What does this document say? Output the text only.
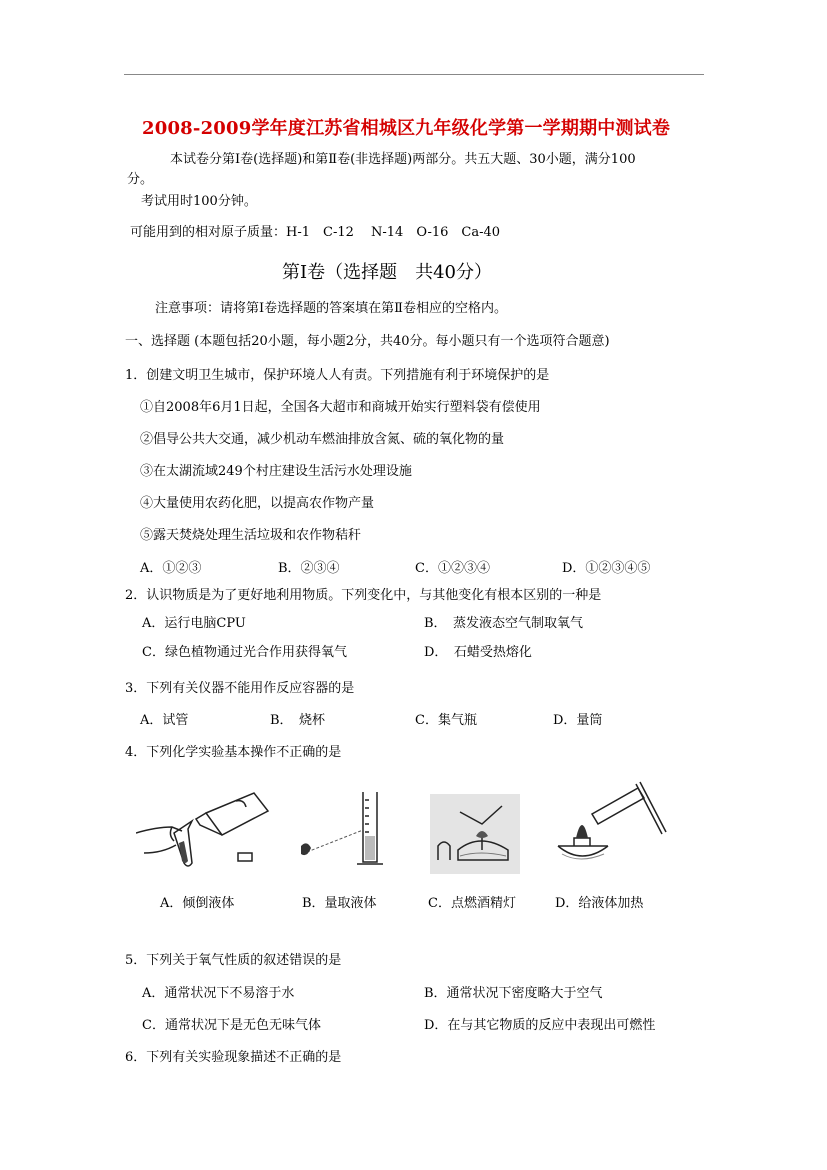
2008-2009学年度江苏省相城区九年级化学第一学期期中测试卷
本试卷分第Ⅰ卷(选择题)和第Ⅱ卷(非选择题)两部分。共五大题、30小题，满分100
分。
考试用时100分钟。
可能用到的相对原子质量：H-1　C-12　 N-14　O-16　Ca-40
第Ⅰ卷（选择题　共40分）
注意事项：请将第Ⅰ卷选择题的答案填在第Ⅱ卷相应的空格内。
一、选择题 (本题包括20小题，每小题2分，共40分。每小题只有一个选项符合题意)
1．创建文明卫生城市，保护环境人人有责。下列措施有利于环境保护的是
①自2008年6月1日起，全国各大超市和商城开始实行塑料袋有偿使用
②倡导公共大交通，减少机动车燃油排放含氮、硫的氧化物的量
③在太湖流域249个村庄建设生活污水处理设施
④大量使用农药化肥，以提高农作物产量
⑤露天焚烧处理生活垃圾和农作物秸秆
A．①②③	B．②③④	C．①②③④	D．①②③④⑤
2．认识物质是为了更好地利用物质。下列变化中，与其他变化有根本区别的一种是
A．运行电脑CPU	B．　蒸发液态空气制取氧气
C．绿色植物通过光合作用获得氧气	D．　石蜡受热熔化
3．下列有关仪器不能用作反应容器的是
A．试管	B．　烧杯	C．集气瓶	D．量筒
4．下列化学实验基本操作不正确的是
A．倾倒液体	B．量取液体	C．点燃酒精灯	D．给液体加热
5．下列关于氧气性质的叙述错误的是
A．通常状况下不易溶于水	B．通常状况下密度略大于空气
C．通常状况下是无色无味气体	D．在与其它物质的反应中表现出可燃性
6．下列有关实验现象描述不正确的是
